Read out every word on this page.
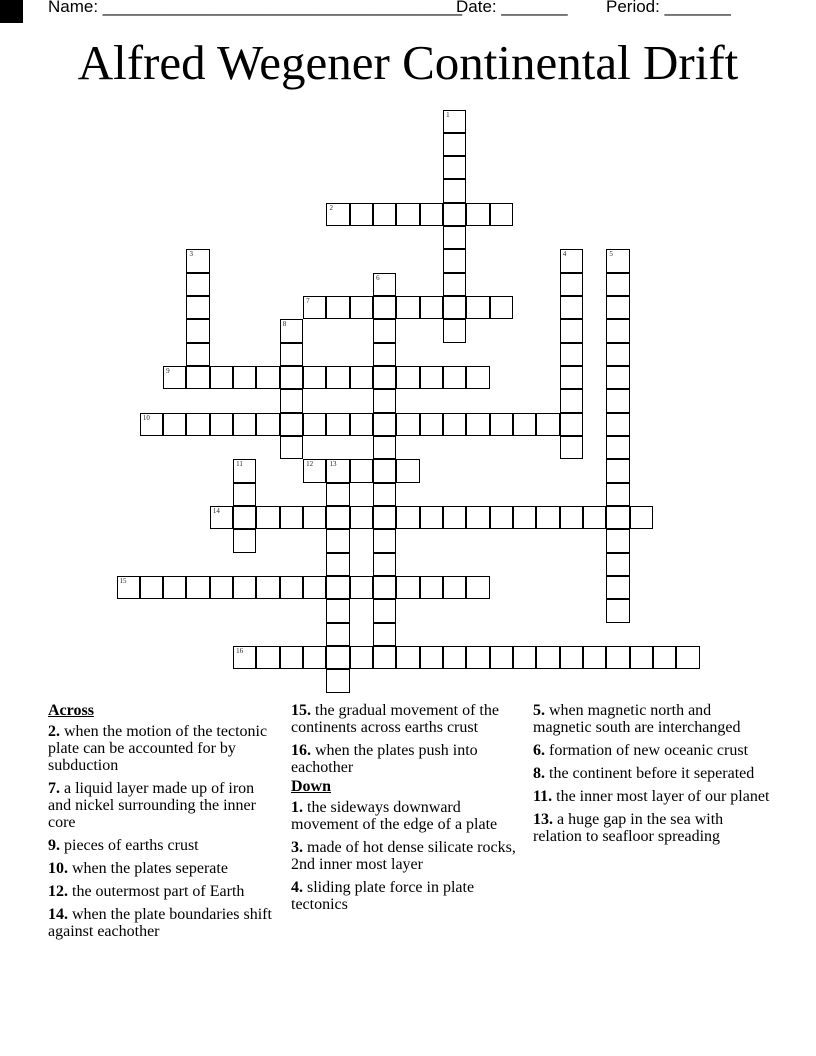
Name: ______________________________________

Date: _______

Period: _______

Alfred Wegener Continental Drift
1
2
3	4	5
6
7
8
9
10
11	12 13
14
15
16
Across
2. when the motion of the tectonic plate can be accounted for by subduction
7. a liquid layer made up of iron and nickel surrounding the inner core
9. pieces of earths crust
10. when the plates seperate
12. the outermost part of Earth
14. when the plate boundaries shift against eachother
15. the gradual movement of the continents across earths crust
16. when the plates push into eachother
Down
1. the sideways downward movement of the edge of a plate
3. made of hot dense silicate rocks, 2nd inner most layer
4. sliding plate force in plate tectonics
5. when magnetic north and magnetic south are interchanged
6. formation of new oceanic crust
8. the continent before it seperated
11. the inner most layer of our planet
13. a huge gap in the sea with relation to seafloor spreading
